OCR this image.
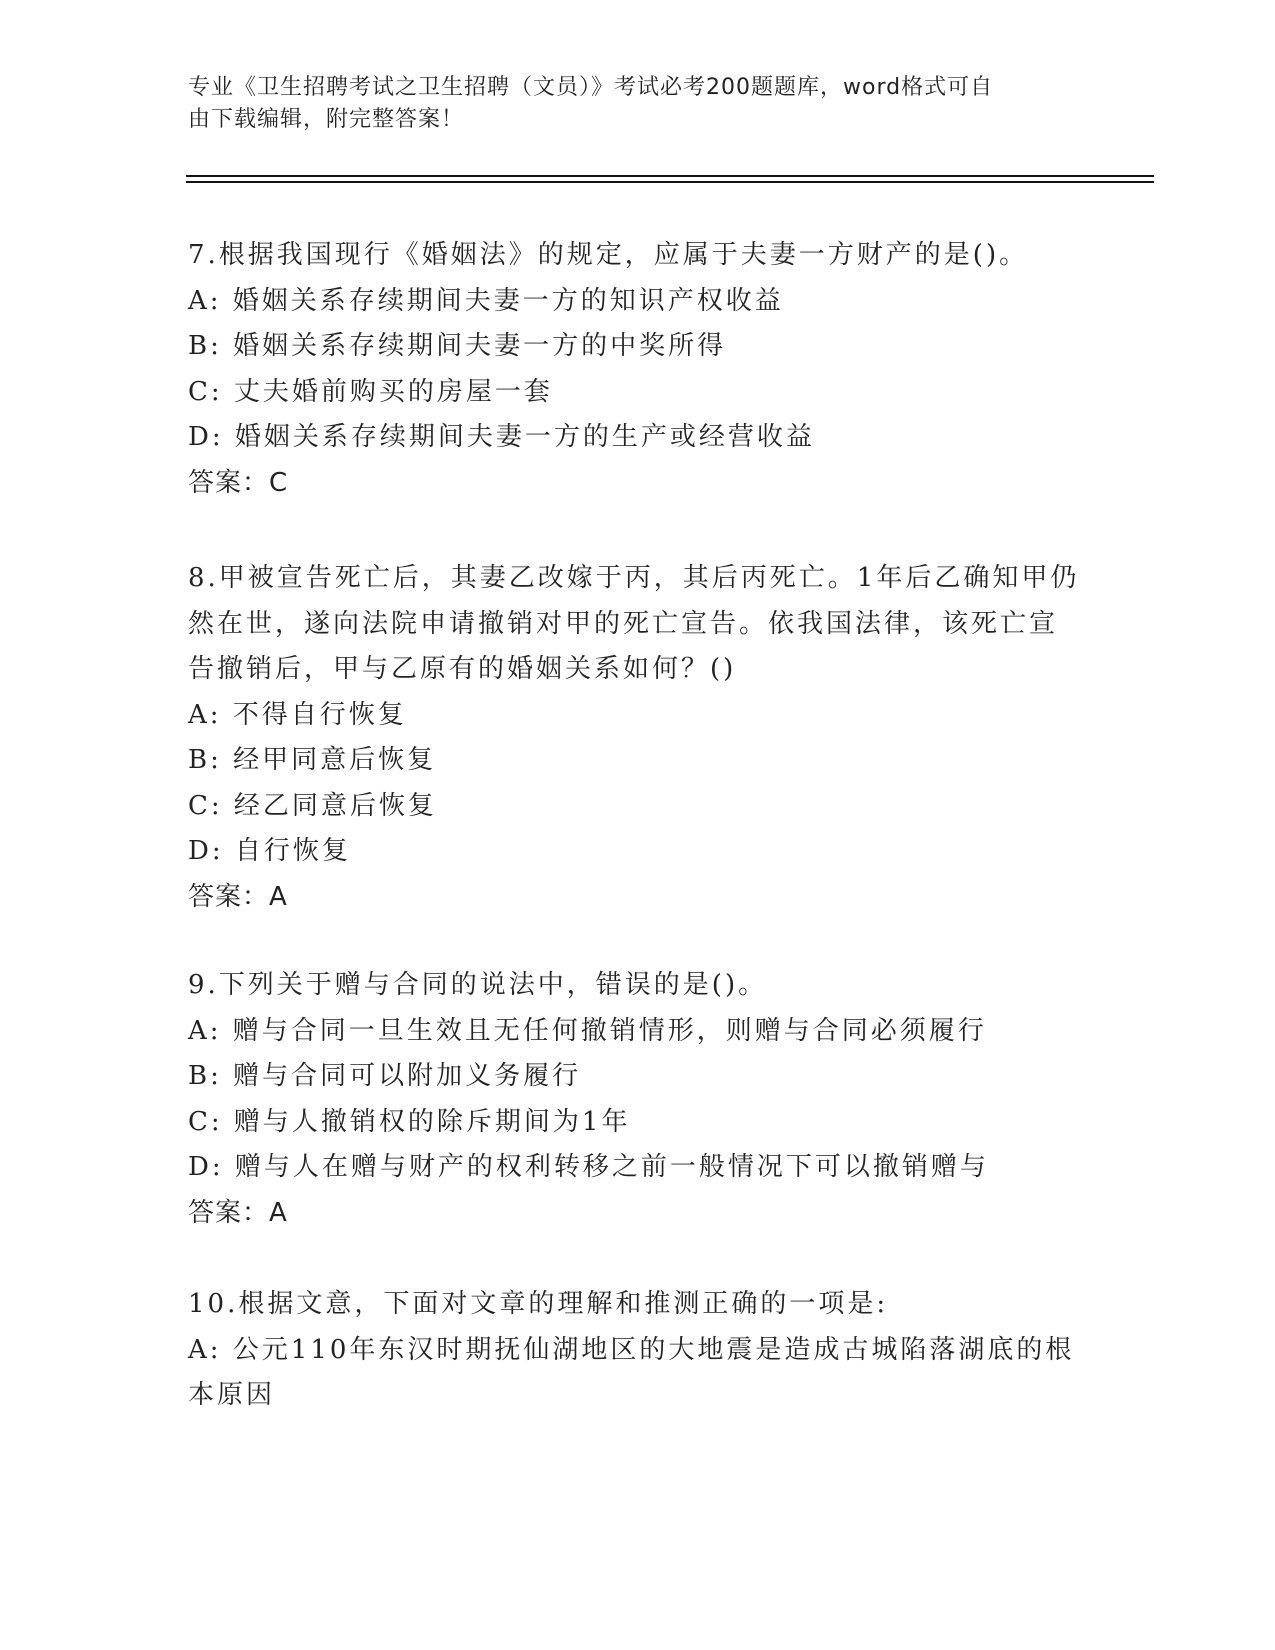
专业《卫生招聘考试之卫生招聘（文员）》考试必考200题题库，word格式可自
由下载编辑，附完整答案！
7.根据我国现行《婚姻法》的规定，应属于夫妻一方财产的是()。
A: 婚姻关系存续期间夫妻一方的知识产权收益
B: 婚姻关系存续期间夫妻一方的中奖所得
C: 丈夫婚前购买的房屋一套
D: 婚姻关系存续期间夫妻一方的生产或经营收益
答案：C
8.甲被宣告死亡后，其妻乙改嫁于丙，其后丙死亡。1年后乙确知甲仍
然在世，遂向法院申请撤销对甲的死亡宣告。依我国法律，该死亡宣
告撤销后，甲与乙原有的婚姻关系如何？()
A: 不得自行恢复
B: 经甲同意后恢复
C: 经乙同意后恢复
D: 自行恢复
答案：A
9.下列关于赠与合同的说法中，错误的是()。
A: 赠与合同一旦生效且无任何撤销情形，则赠与合同必须履行
B: 赠与合同可以附加义务履行
C: 赠与人撤销权的除斥期间为1年
D: 赠与人在赠与财产的权利转移之前一般情况下可以撤销赠与
答案：A
10.根据文意，下面对文章的理解和推测正确的一项是:
A: 公元110年东汉时期抚仙湖地区的大地震是造成古城陷落湖底的根
本原因
